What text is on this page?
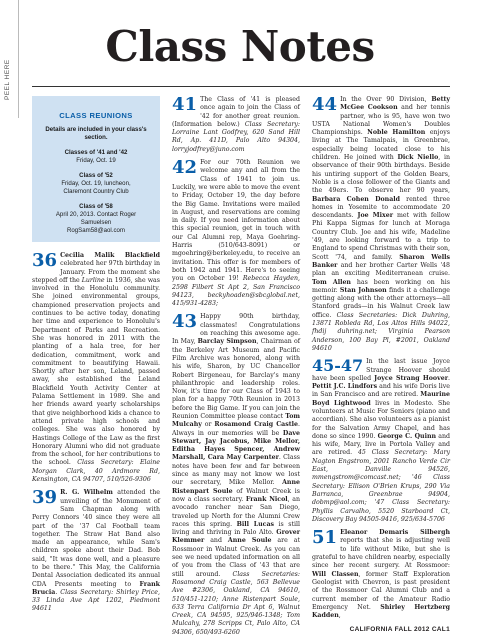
PEEL HERE
Class Notes
CLASS REUNIONS
Details are included in your class's section.
Classes of '41 and '42
Friday, Oct. 19
Class of '52
Friday, Oct. 19, luncheon,
Claremont Country Club
Class of '58
April 20, 2013. Contact Roger Samuelsen
RogSam58@aol.com
36 Cecilia Malik Blackfield celebrated her 97th birthday in January. From the moment she stepped off the Lurline in 1936, she was involved in the Honolulu community. She joined environmental groups, championed preservation projects and continues to be active today, donating her time and experience to Honolulu's Department of Parks and Recreation. She was honored in 2011 with the planting of a hala tree, for her dedication, commitment, work and commitment to beautifying Hawaii. Shortly after her son, Leland, passed away, she established the Leland Blackfield Youth Activity Center at Palama Settlement in 1989. She and her friends award yearly scholarships that give neighborhood kids a chance to attend private high schools and colleges. She was also honored by Hastings College of the Law as the first Honorary Alumni who did not graduate from the school, for her contributions to the school. Class Secretary: Elaine Morgan Clark, 40 Ardmore Rd, Kensington, CA 94707, 510/526-9306
39 R. G. Wilhelm attended the unveiling of the Monument of Sam Chapman along with Perry Connors '40 since they were all part of the '37 Cal Football team together. The Straw Hat Band also made an appearance, while Sam's children spoke about their Dad. Bob said, "It was done well, and a pleasure to be there." This May, the California Dental Association dedicated its annual CDA Presents meeting to Frank Brucia. Class Secretary: Shirley Price, 33 Linda Ave Apt 1202, Piedmont 94611
41 The Class of '41 is pleased once again to join the Class of '42 for another great reunion. (Information below.) Class Secretary: Lorraine Lant Godfrey, 620 Sand Hill Rd, Ap. 411D, Palo Alto 94304, lorryjodfrey@juno.com
42 For our 70th Reunion we welcome any and all from the Class of 1941 to join us. Luckily, we were able to move the event to Friday, October 19, the day before the Big Game. Invitations were mailed in August, and reservations are coming in daily. If you need information about this special reunion, get in touch with our Cal Alumni rep, Maya Goehring-Harris (510/643-8091) or mgoehring@berkeley.edu, to receive an invitation. This offer is for members of both 1942 and 1941. Here's to seeing you on October 19! Rebecca Hayden, 2598 Filbert St Apt 2, San Francisco 94123, beckyhoaden@sbcglobal.net, 415/931-4283;
43 Happy 90th birthday, classmates! Congratulations on reaching this awesome age. In May, Barclay Simpson, Chairman of the Berkeley Art Museum and Pacific Film Archive was honored, along with his wife, Sharon, by UC Chancellor Robert Birgeneau, for Barclay's many philanthropic and leadership roles. Now, it's time for our Class of 1943 to plan for a happy 70th Reunion in 2013 before the Big Game. If you can join the Reunion Committee please contact Tom Mulcahy or Rosamond Craig Castle. Always in our memories will be Dave Stewart, Jay Jacobus, Mike Mellor, Editha Hayes Spencer, Andrew Marshall, Cara May Carpenter. Class notes have been few and far between since as many may not know we lost our secretary, Mike Mellor. Anne Ristenpart Soule of Walnut Creek is now a class secretary. Frank Nicol, an avocado rancher near San Diego, traveled up North for the Alumni Crew races this spring. Bill Lucas is still living and thriving in Palo Alto. Grover Klemmer and Anne Soule are at Rossmoor in Walnut Creek. As you can see we need updated information on all of you from the Class of '43 that are still around. Class Secretaries: Rosamond Craig Castle, 563 Bellevue Ave #2306, Oakland, CA 94610, 510/451-1210; Anne Ristenpart Soule, 633 Terra California Dr Apt 6, Walnut Creek, CA 94595, 925/946-1348; Tom Mulcahy, 278 Scripps Ct, Palo Alto, CA 94306, 650/493-6260
44 In the Over 90 Division, Betty McGee Cookson and her tennis partner, who is 95, have won two USTA National Women's Doubles Championships. Noble Hamilton enjoys living at The Tamalpais, in Greenbrae, especially being located close to his children. He joined with Dick Niello, in observance of their 90th birthdays. Beside his untiring support of the Golden Bears, Noble is a close follower of the Giants and the 49ers. To observe her 90 years, Barbara Cohen Donald rented three homes in Yosemite to accommodate 20 descendants. Joe Mixer met with fellow Phi Kappa Sigmas for lunch at Moraga Country Club. Joe and his wife, Madeline '49, are looking forward to a trip to England to spend Christmas with their son, Scott '74, and family. Sharon Wells Banker and her brother Carter Wells '48 plan an exciting Mediterranean cruise. Tom Allen has been working on his memoir. Stan Johnson finds it a challenge getting along with the other attorneys—all Stanford grads—in his Walnut Creek law office. Class Secretaries: Dick Duhring, 13871 Robleda Rd, Los Altos Hills 94022, fhdij duhring.net; Virginia Pearson Anderson, 100 Bay Pl, #2001, Oakland 94610
45-47 In the last issue Joyce Strange Hoover should have been spelled Joyce Strang Hoover. Pettit J.C. Lindfors and his wife Doris live in San Francisco and are retired. Maurine Boyd Lightwood lives in Modesto. She volunteers at Music For Seniors (piano and accordian). She also volunteers as a pianist for the Salvation Army Chapel, and has done so since 1990. George C. Quinn and his wife, Mary, live in Portola Valley and are retired. 45 Class Secretary: Mary Nagton Engstrom, 2001 Rancho Verde Cir East, Danville 94526, mmengstrom@comcast.net; '46 Class Secretary: Ellison O'Brien Krups, 290 Via Barranca, Greenbrae 94904, dobmp@aol.com; '47 Class Secretary: Phyllis Carvalho, 5520 Starboard Ct, Discovery Bay 94505-9416, 925/634-5706
51 Eleanor Demaris Silbergh reports that she is adjusting well to life without Mike, but she is grateful to have children nearby, especially since her recent surgery. At Rossmoor: Will Classen, former Staff Exploration Geologist with Chevron, is past president of the Rossmoor Cal Alumni Club and a current member of the Amateur Radio Emergency Net. Shirley Hertzberg Kadden,
CALIFORNIA FALL 2012 CAL1
